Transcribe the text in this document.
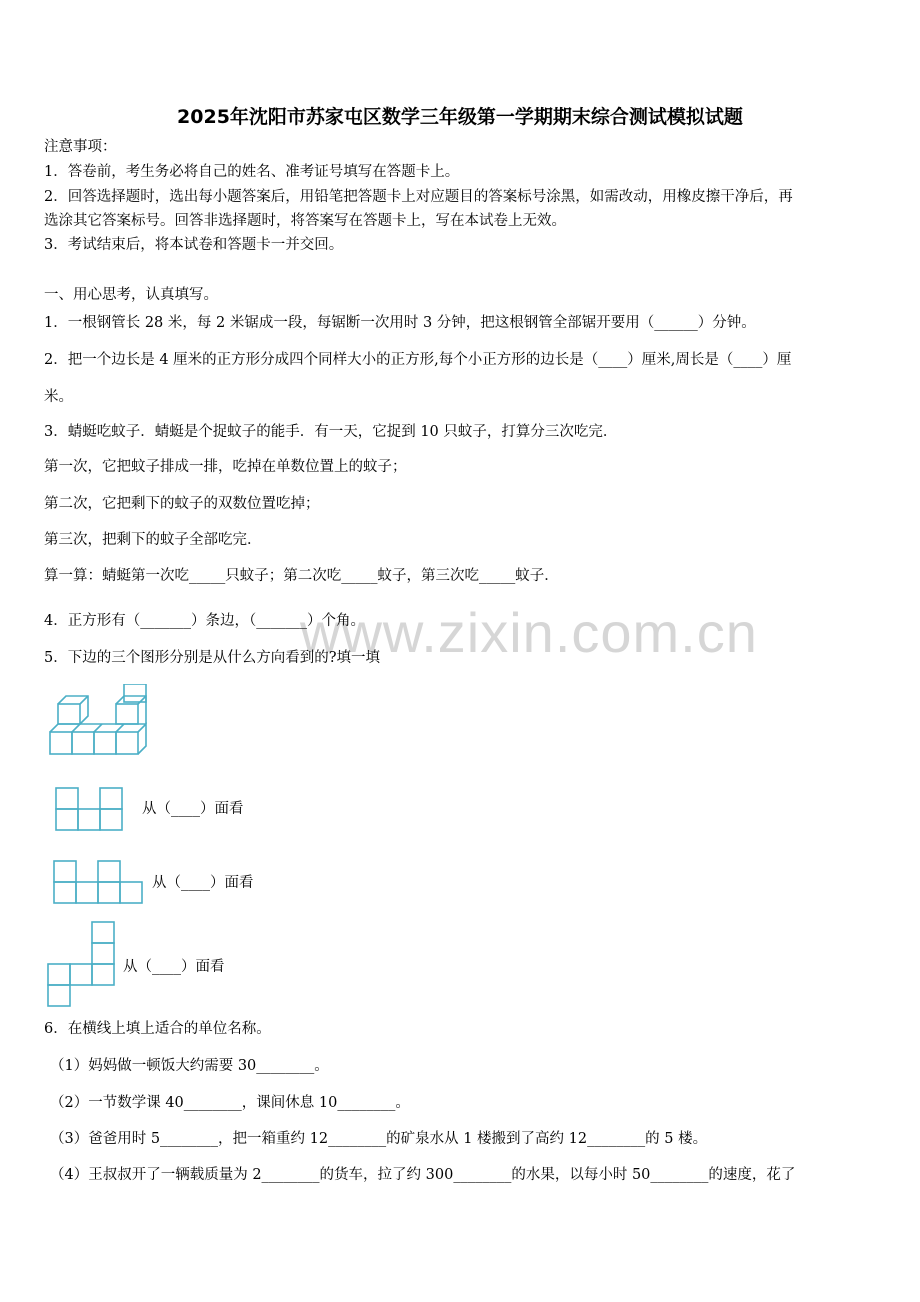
www.zixin.com.cn
2025年沈阳市苏家屯区数学三年级第一学期期末综合测试模拟试题
注意事项：
1．答卷前，考生务必将自己的姓名、准考证号填写在答题卡上。
2．回答选择题时，选出每小题答案后，用铅笔把答题卡上对应题目的答案标号涂黑，如需改动，用橡皮擦干净后，再
选涂其它答案标号。回答非选择题时，将答案写在答题卡上，写在本试卷上无效。
3．考试结束后，将本试卷和答题卡一并交回。
一、用心思考，认真填写。
1．一根钢管长 28 米，每 2 米锯成一段，每锯断一次用时 3 分钟，把这根钢管全部锯开要用（______）分钟。
2．把一个边长是 4 厘米的正方形分成四个同样大小的正方形,每个小正方形的边长是（____）厘米,周长是（____）厘
米。
3．蜻蜓吃蚊子．蜻蜓是个捉蚊子的能手．有一天，它捉到 10 只蚊子，打算分三次吃完．
第一次，它把蚊子排成一排，吃掉在单数位置上的蚊子；
第二次，它把剩下的蚊子的双数位置吃掉；
第三次，把剩下的蚊子全部吃完．
算一算：蜻蜓第一次吃_____只蚊子；第二次吃_____蚊子，第三次吃_____蚊子．
4．正方形有（_______）条边，（_______）个角。
5．下边的三个图形分别是从什么方向看到的?填一填
从（____）面看
从（____）面看
从（____）面看
6．在横线上填上适合的单位名称。
（1）妈妈做一顿饭大约需要 30________。
（2）一节数学课 40________，课间休息 10________。
（3）爸爸用时 5________，把一箱重约 12________的矿泉水从 1 楼搬到了高约 12________的 5 楼。
（4）王叔叔开了一辆载质量为 2________的货车，拉了约 300________的水果，以每小时 50________的速度，花了
